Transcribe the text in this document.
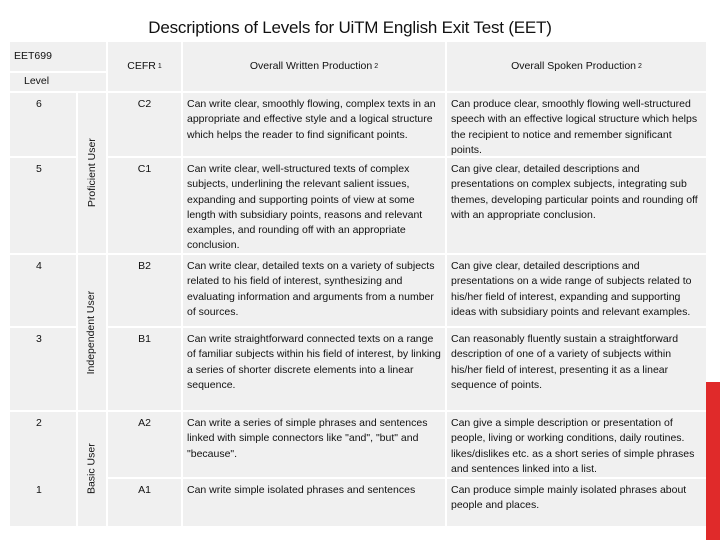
Descriptions of Levels for UiTM English Exit Test (EET)
EET699
CEFR 1	Overall Written Production 2	Overall Spoken Production 2
Level
6
5
4
3
2
Proficient User
Independent User
Basic User
C2
C1
B2
B1
A2
A1
Can write clear, smoothly flowing, complex texts in an appropriate and effective style and a logical structure which helps the reader to find significant points.
Can write clear, well-structured texts of complex subjects, underlining the relevant salient issues, expanding and supporting points of view at some length with subsidiary points, reasons and relevant examples, and rounding off with an appropriate conclusion.
Can write clear, detailed texts on a variety of subjects related to his field of interest, synthesizing and evaluating information and arguments from a number of sources.
Can write straightforward connected texts on a range of familiar subjects within his field of interest, by linking a series of shorter discrete elements into a linear sequence.
Can write a series of simple phrases and sentences linked with simple connectors like "and", "but" and "because".
Can write simple isolated phrases and sentences
Can produce clear, smoothly flowing well-structured speech with an effective logical structure which helps the recipient to notice and remember significant points.
Can give clear, detailed descriptions and presentations on complex subjects, integrating sub themes, developing particular points and rounding off with an appropriate conclusion.
Can give clear, detailed descriptions and presentations on a wide range of subjects related to his/her field of interest, expanding and supporting ideas with subsidiary points and relevant examples.
Can reasonably fluently sustain a straightforward description of one of a variety of subjects within his/her field of interest, presenting it as a linear sequence of points.
Can give a simple description or presentation of people, living or working conditions, daily routines. likes/dislikes etc. as a short series of simple phrases and sentences linked into a list.
Can produce simple mainly isolated phrases about people and places.
1
